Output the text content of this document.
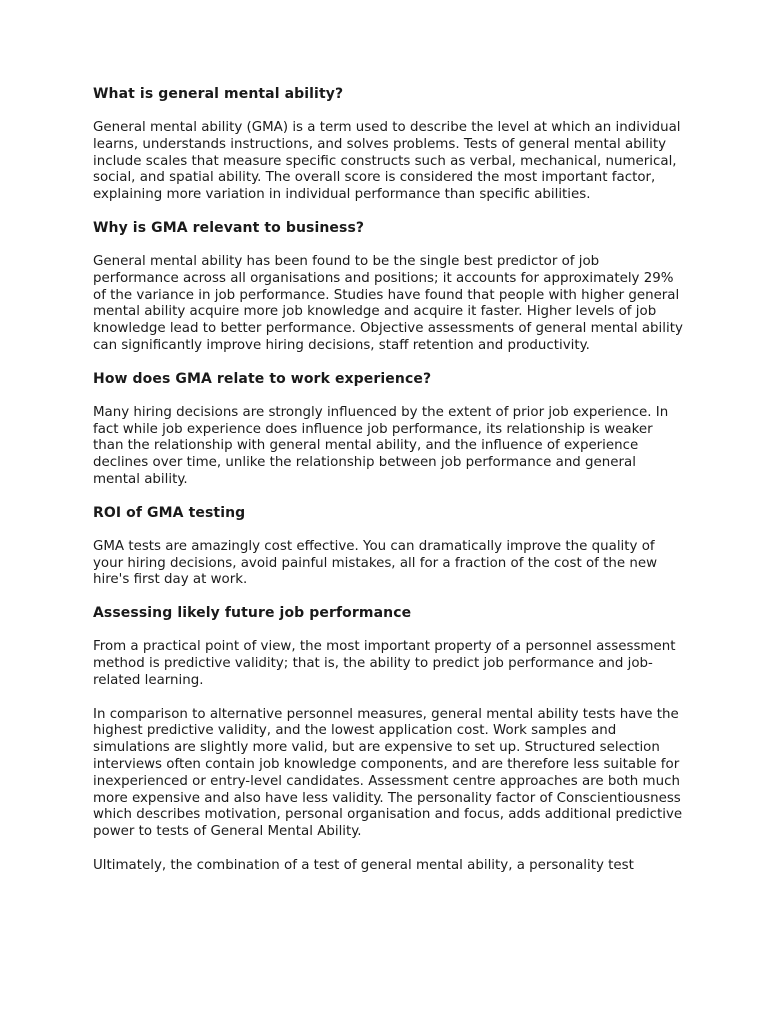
What is general mental ability?

General mental ability (GMA) is a term used to describe the level at which an individual learns, understands instructions, and solves problems. Tests of general mental ability include scales that measure specific constructs such as verbal, mechanical, numerical, social, and spatial ability. The overall score is considered the most important factor, explaining more variation in individual performance than specific abilities.

Why is GMA relevant to business?

General mental ability has been found to be the single best predictor of job performance across all organisations and positions; it accounts for approximately 29% of the variance in job performance. Studies have found that people with higher general mental ability acquire more job knowledge and acquire it faster. Higher levels of job knowledge lead to better performance. Objective assessments of general mental ability can significantly improve hiring decisions, staff retention and productivity.

How does GMA relate to work experience?

Many hiring decisions are strongly influenced by the extent of prior job experience. In fact while job experience does influence job performance, its relationship is weaker than the relationship with general mental ability, and the influence of experience declines over time, unlike the relationship between job performance and general mental ability.

ROI of GMA testing

GMA tests are amazingly cost effective. You can dramatically improve the quality of your hiring decisions, avoid painful mistakes, all for a fraction of the cost of the new hire's first day at work.

Assessing likely future job performance

From a practical point of view, the most important property of a personnel assessment method is predictive validity; that is, the ability to predict job performance and job-related learning.

In comparison to alternative personnel measures, general mental ability tests have the highest predictive validity, and the lowest application cost. Work samples and simulations are slightly more valid, but are expensive to set up. Structured selection interviews often contain job knowledge components, and are therefore less suitable for inexperienced or entry-level candidates. Assessment centre approaches are both much more expensive and also have less validity. The personality factor of Conscientiousness which describes motivation, personal organisation and focus, adds additional predictive power to tests of General Mental Ability.

Ultimately, the combination of a test of general mental ability, a personality test
